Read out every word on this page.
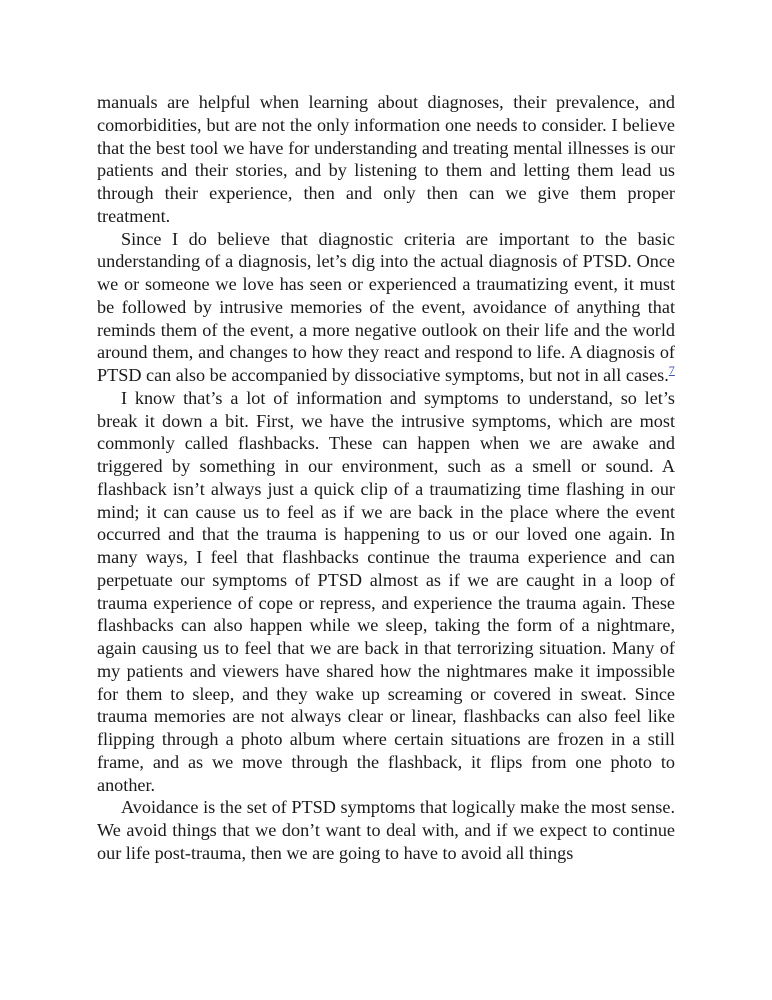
manuals are helpful when learning about diagnoses, their prevalence, and comorbidities, but are not the only information one needs to consider. I believe that the best tool we have for understanding and treating mental illnesses is our patients and their stories, and by listening to them and letting them lead us through their experience, then and only then can we give them proper treatment.

Since I do believe that diagnostic criteria are important to the basic understanding of a diagnosis, let’s dig into the actual diagnosis of PTSD. Once we or someone we love has seen or experienced a traumatizing event, it must be followed by intrusive memories of the event, avoidance of anything that reminds them of the event, a more negative outlook on their life and the world around them, and changes to how they react and respond to life. A diagnosis of PTSD can also be accompanied by dissociative symptoms, but not in all cases.$^7$

I know that’s a lot of information and symptoms to understand, so let’s break it down a bit. First, we have the intrusive symptoms, which are most commonly called flashbacks. These can happen when we are awake and triggered by something in our environment, such as a smell or sound. A flashback isn’t always just a quick clip of a traumatizing time flashing in our mind; it can cause us to feel as if we are back in the place where the event occurred and that the trauma is happening to us or our loved one again. In many ways, I feel that flashbacks continue the trauma experience and can perpetuate our symptoms of PTSD almost as if we are caught in a loop of trauma experience of cope or repress, and experience the trauma again. These flashbacks can also happen while we sleep, taking the form of a nightmare, again causing us to feel that we are back in that terrorizing situation. Many of my patients and viewers have shared how the nightmares make it impossible for them to sleep, and they wake up screaming or covered in sweat. Since trauma memories are not always clear or linear, flashbacks can also feel like flipping through a photo album where certain situations are frozen in a still frame, and as we move through the flashback, it flips from one photo to another.

Avoidance is the set of PTSD symptoms that logically make the most sense. We avoid things that we don’t want to deal with, and if we expect to continue our life post-trauma, then we are going to have to avoid all things
